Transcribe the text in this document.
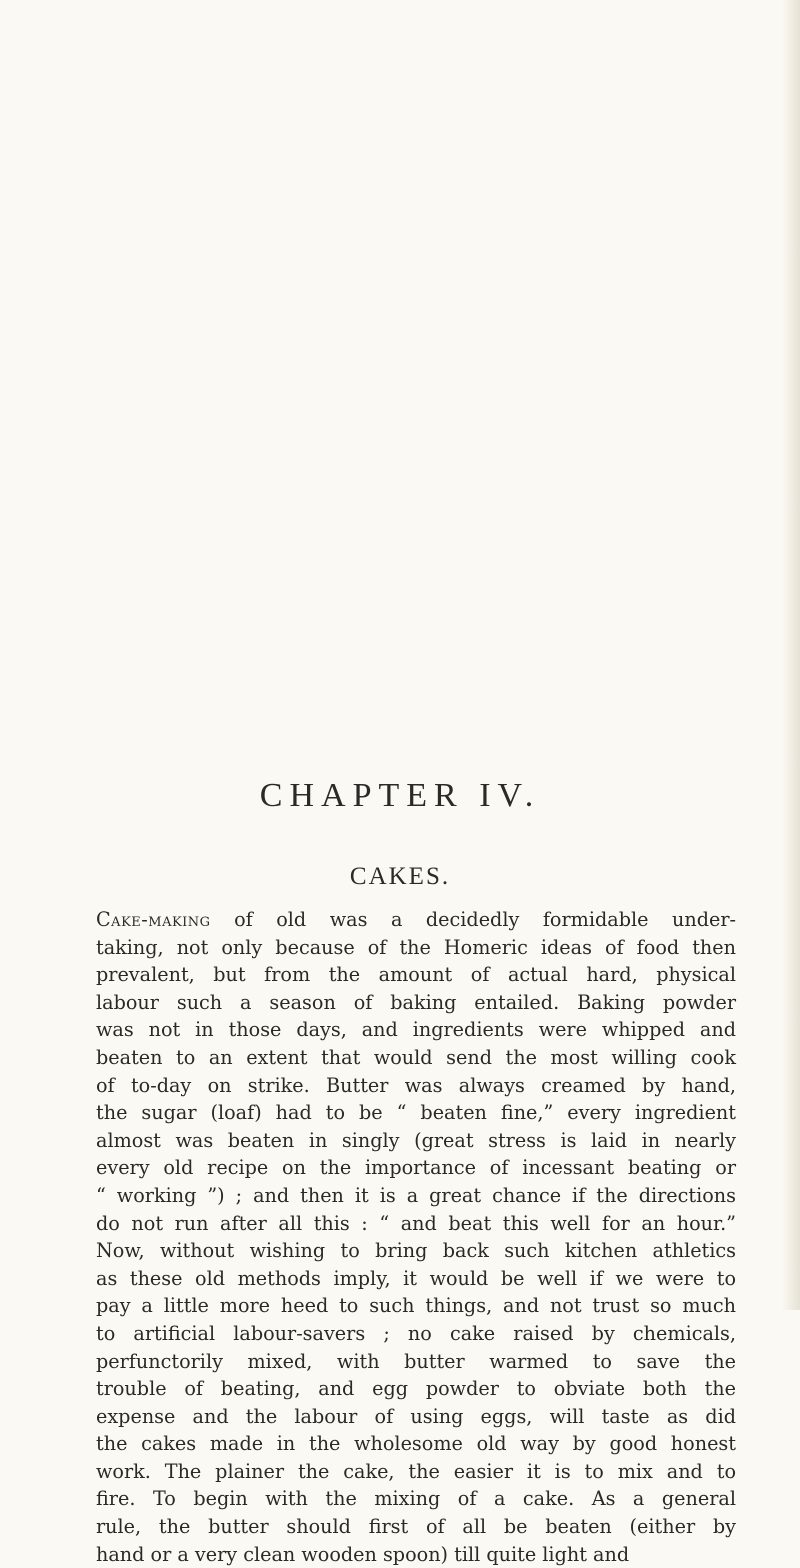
CHAPTER IV.
CAKES.
Cake-making of old was a decidedly formidable under-
taking, not only because of the Homeric ideas of food then
prevalent, but from the amount of actual hard, physical
labour such a season of baking entailed. Baking powder
was not in those days, and ingredients were whipped and
beaten to an extent that would send the most willing cook
of to-day on strike. Butter was always creamed by hand,
the sugar (loaf) had to be “ beaten fine,” every ingredient
almost was beaten in singly (great stress is laid in nearly
every old recipe on the importance of incessant beating or
“ working ”) ; and then it is a great chance if the directions
do not run after all this : “ and beat this well for an hour.”
Now, without wishing to bring back such kitchen athletics
as these old methods imply, it would be well if we were to
pay a little more heed to such things, and not trust so much
to artificial labour-savers ; no cake raised by chemicals,
perfunctorily mixed, with butter warmed to save the
trouble of beating, and egg powder to obviate both the
expense and the labour of using eggs, will taste as did
the cakes made in the wholesome old way by good honest
work. The plainer the cake, the easier it is to mix and to
fire. To begin with the mixing of a cake. As a general
rule, the butter should first of all be beaten (either by
hand or a very clean wooden spoon) till quite light and
